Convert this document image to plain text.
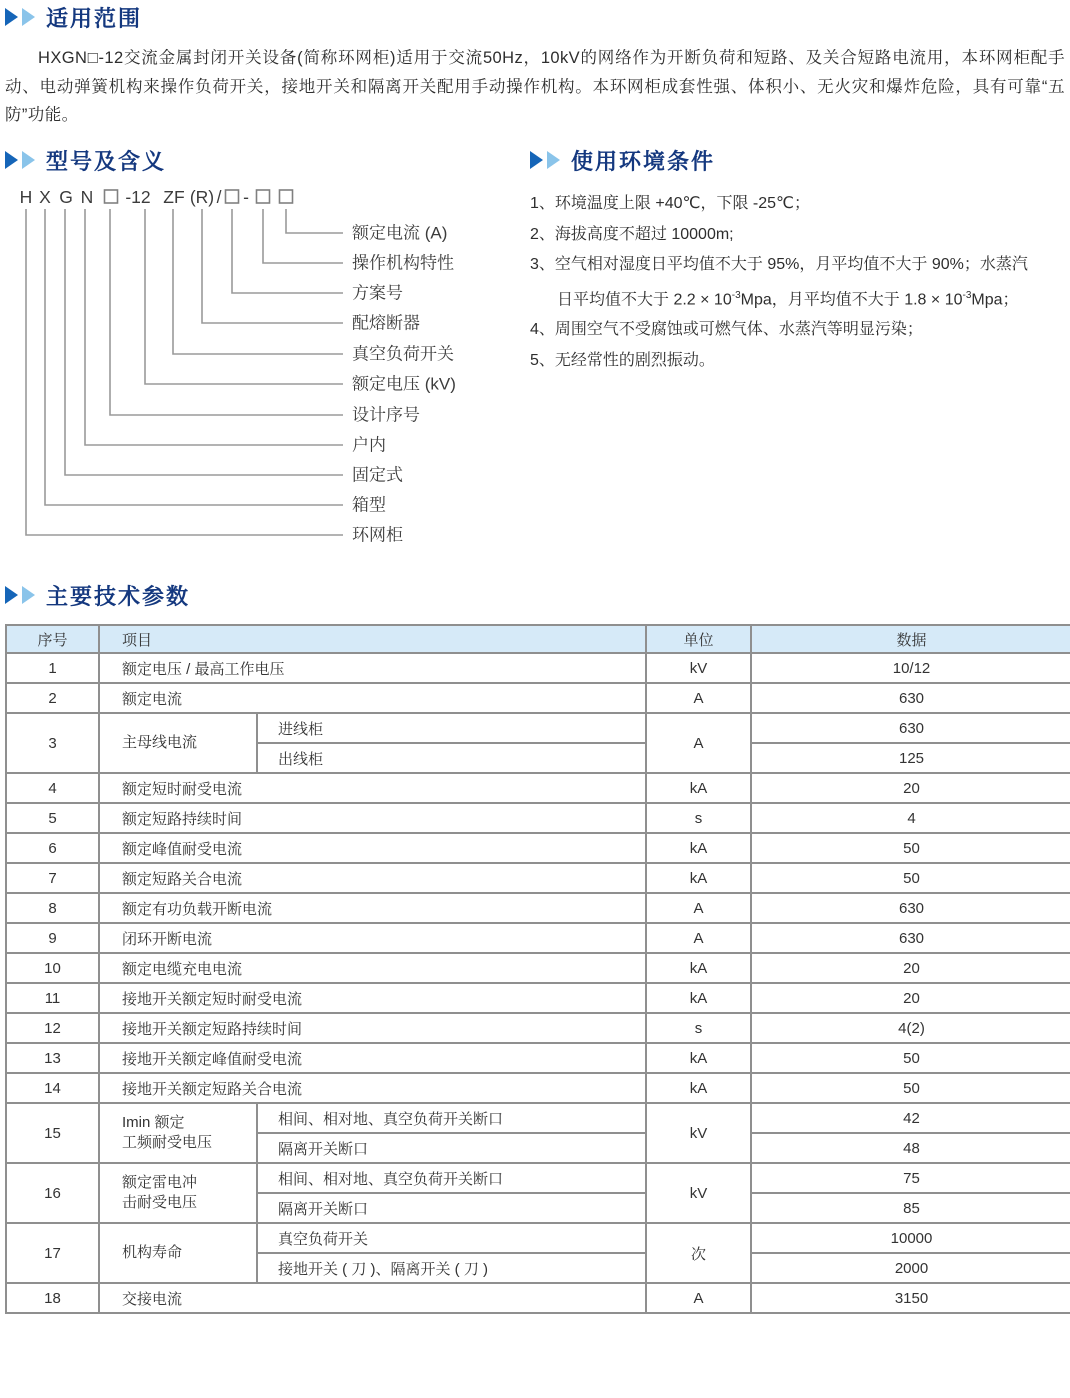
适用范围

HXGN□-12交流金属封闭开关设备(简称环网柜)适用于交流50Hz，10kV的网络作为开断负荷和短路、及关合短路电流用，本环网柜配手动、电动弹簧机构来操作负荷开关，接地开关和隔离开关配用手动操作机构。本环网柜成套性强、体积小、无火灾和爆炸危险，具有可靠“五防”功能。

型号及含义
H X G N -12 ZF (R) / -
额定电流 (A)
操作机构特性
方案号
配熔断器
真空负荷开关
额定电压 (kV)
设计序号
户内
固定式
箱型
环网柜
使用环境条件
1、环境温度上限 +40℃，下限 -25℃；
2、海拔高度不超过 10000m;
3、空气相对湿度日平均值不大于 95%，月平均值不大于 90%；水蒸汽
日平均值不大于 $2.2 \times 10^{-3}Mpa$，月平均值不大于 $1.8 \times 10^{-3}Mpa$；
4、周围空气不受腐蚀或可燃气体、水蒸汽等明显污染；
5、无经常性的剧烈振动。
主要技术参数
序号	项目		单位	数据
1	额定电压 / 最高工作电压		kV	10/12
2	额定电流		A	630
3	主母线电流	进线柜	A	630
		出线柜		125
4	额定短时耐受电流		kA	20
5	额定短路持续时间		s	4
6	额定峰值耐受电流		kA	50
7	额定短路关合电流		kA	50
8	额定有功负载开断电流		A	630
9	闭环开断电流		A	630
10	额定电缆充电电流		kA	20
11	接地开关额定短时耐受电流		kA	20
12	接地开关额定短路持续时间		s	4(2)
13	接地开关额定峰值耐受电流		kA	50
14	接地开关额定短路关合电流		kA	50
15	Imin 额定
工频耐受电压	相间、相对地、真空负荷开关断口	kV	42
		隔离开关断口		48
16	额定雷电冲
击耐受电压	相间、相对地、真空负荷开关断口	kV	75
		隔离开关断口		85
17	机构寿命	真空负荷开关	次	10000
		接地开关 ( 刀 )、隔离开关 ( 刀 )		2000
18	交接电流		A	3150
